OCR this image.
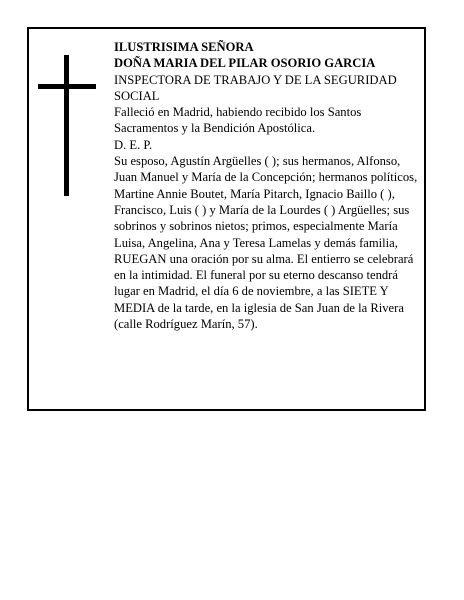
ILUSTRISIMA SEÑORA

DOÑA MARIA DEL PILAR OSORIO GARCIA

INSPECTORA DE TRABAJO Y DE LA SEGURIDAD SOCIAL

Falleció en Madrid, habiendo recibido los Santos Sacramentos y la Bendición Apostólica.

D. E. P.

Su esposo, Agustín Argüelles ( ); sus hermanos, Alfonso, Juan Manuel y María de la Concepción; hermanos políticos, Martine Annie Boutet, María Pitarch, Ignacio Baillo ( ), Francisco, Luis ( ) y María de la Lourdes ( ) Argüelles; sus sobrinos y sobrinos nietos; primos, especialmente María Luisa, Angelina, Ana y Teresa Lamelas y demás familia,

RUEGAN una oración por su alma. El entierro se celebrará en la intimidad. El funeral por su eterno descanso tendrá lugar en Madrid, el día 6 de noviembre, a las SIETE Y MEDIA de la tarde, en la iglesia de San Juan de la Rivera (calle Rodríguez Marín, 57).
